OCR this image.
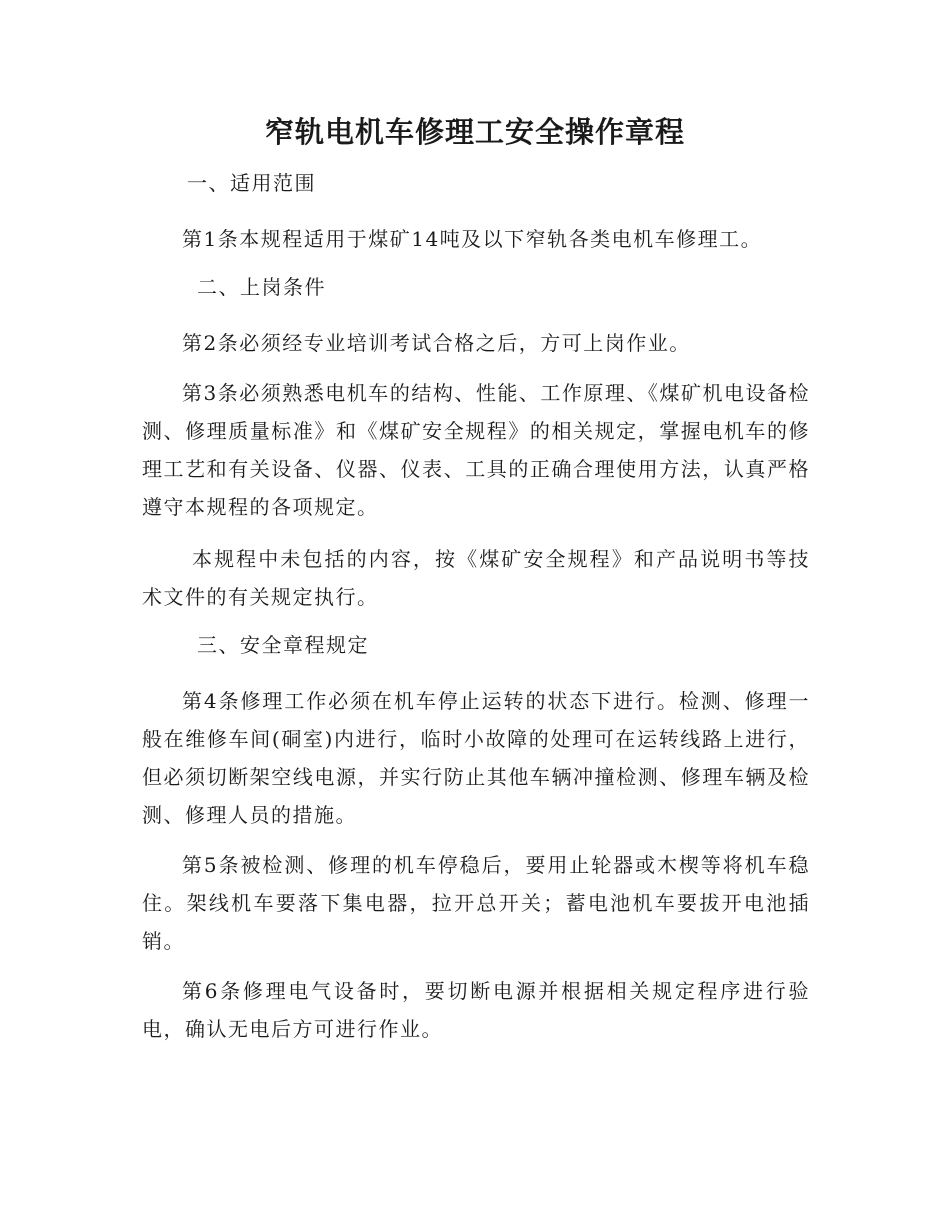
窄轨电机车修理工安全操作章程
一、适用范围

第1条本规程适用于煤矿14吨及以下窄轨各类电机车修理工。

二、上岗条件

第2条必须经专业培训考试合格之后，方可上岗作业。

第3条必须熟悉电机车的结构、性能、工作原理、《煤矿机电设备检测、修理质量标准》和《煤矿安全规程》的相关规定，掌握电机车的修理工艺和有关设备、仪器、仪表、工具的正确合理使用方法，认真严格遵守本规程的各项规定。

本规程中未包括的内容，按《煤矿安全规程》和产品说明书等技术文件的有关规定执行。

三、安全章程规定

第4条修理工作必须在机车停止运转的状态下进行。检测、修理一般在维修车间(硐室)内进行，临时小故障的处理可在运转线路上进行，但必须切断架空线电源，并实行防止其他车辆冲撞检测、修理车辆及检测、修理人员的措施。

第5条被检测、修理的机车停稳后，要用止轮器或木楔等将机车稳住。架线机车要落下集电器，拉开总开关；蓄电池机车要拔开电池插销。

第6条修理电气设备时，要切断电源并根据相关规定程序进行验电，确认无电后方可进行作业。
